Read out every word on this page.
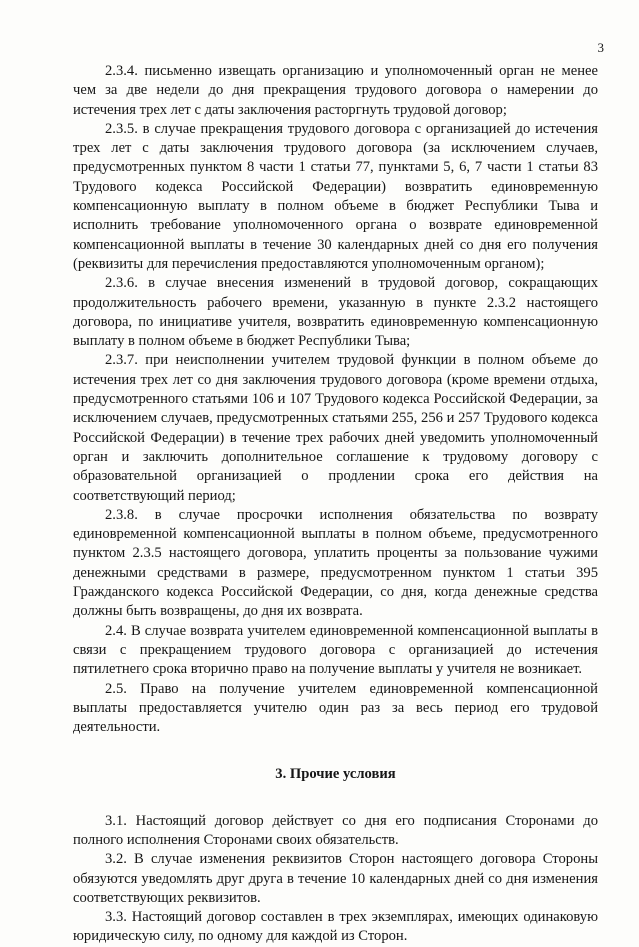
3

2.3.4. письменно извещать организацию и уполномоченный орган не менее чем за две недели до дня прекращения трудового договора о намерении до истечения трех лет с даты заключения расторгнуть трудовой договор;

2.3.5. в случае прекращения трудового договора с организацией до истечения трех лет с даты заключения трудового договора (за исключением случаев, предусмотренных пунктом 8 части 1 статьи 77, пунктами 5, 6, 7 части 1 статьи 83 Трудового кодекса Российской Федерации) возвратить единовременную компенсационную выплату в полном объеме в бюджет Республики Тыва и исполнить требование уполномоченного органа о возврате единовременной компенсационной выплаты в течение 30 календарных дней со дня его получения (реквизиты для перечисления предоставляются уполномоченным органом);

2.3.6. в случае внесения изменений в трудовой договор, сокращающих продолжительность рабочего времени, указанную в пункте 2.3.2 настоящего договора, по инициативе учителя, возвратить единовременную компенсационную выплату в полном объеме в бюджет Республики Тыва;

2.3.7. при неисполнении учителем трудовой функции в полном объеме до истечения трех лет со дня заключения трудового договора (кроме времени отдыха, предусмотренного статьями 106 и 107 Трудового кодекса Российской Федерации, за исключением случаев, предусмотренных статьями 255, 256 и 257 Трудового кодекса Российской Федерации) в течение трех рабочих дней уведомить уполномоченный орган и заключить дополнительное соглашение к трудовому договору с образовательной организацией о продлении срока его действия на соответствующий период;

2.3.8. в случае просрочки исполнения обязательства по возврату единовременной компенсационной выплаты в полном объеме, предусмотренного пунктом 2.3.5 настоящего договора, уплатить проценты за пользование чужими денежными средствами в размере, предусмотренном пунктом 1 статьи 395 Гражданского кодекса Российской Федерации, со дня, когда денежные средства должны быть возвращены, до дня их возврата.

2.4. В случае возврата учителем единовременной компенсационной выплаты в связи с прекращением трудового договора с организацией до истечения пятилетнего срока вторично право на получение выплаты у учителя не возникает.

2.5. Право на получение учителем единовременной компенсационной выплаты предоставляется учителю один раз за весь период его трудовой деятельности.

3. Прочие условия

3.1. Настоящий договор действует со дня его подписания Сторонами до полного исполнения Сторонами своих обязательств.

3.2. В случае изменения реквизитов Сторон настоящего договора Стороны обязуются уведомлять друг друга в течение 10 календарных дней со дня изменения соответствующих реквизитов.

3.3. Настоящий договор составлен в трех экземплярах, имеющих одинаковую юридическую силу, по одному для каждой из Сторон.
